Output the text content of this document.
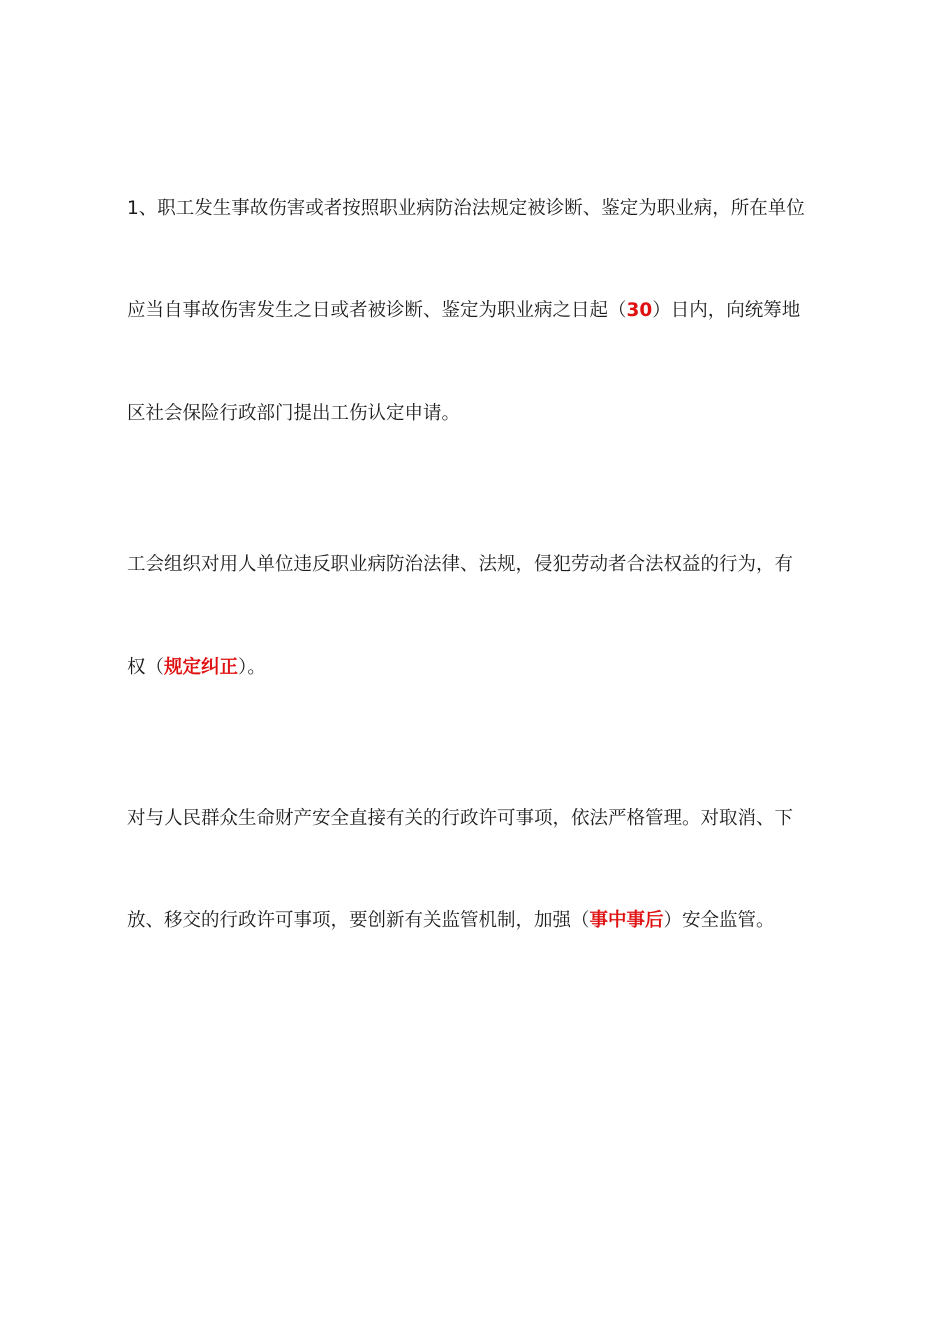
1、职工发生事故伤害或者按照职业病防治法规定被诊断、鉴定为职业病，所在单位
应当自事故伤害发生之日或者被诊断、鉴定为职业病之日起（30）日内，向统筹地
区社会保险行政部门提出工伤认定申请。
工会组织对用人单位违反职业病防治法律、法规，侵犯劳动者合法权益的行为，有
权（规定纠正）。
对与人民群众生命财产安全直接有关的行政许可事项，依法严格管理。对取消、下
放、移交的行政许可事项，要创新有关监管机制，加强（事中事后）安全监管。
